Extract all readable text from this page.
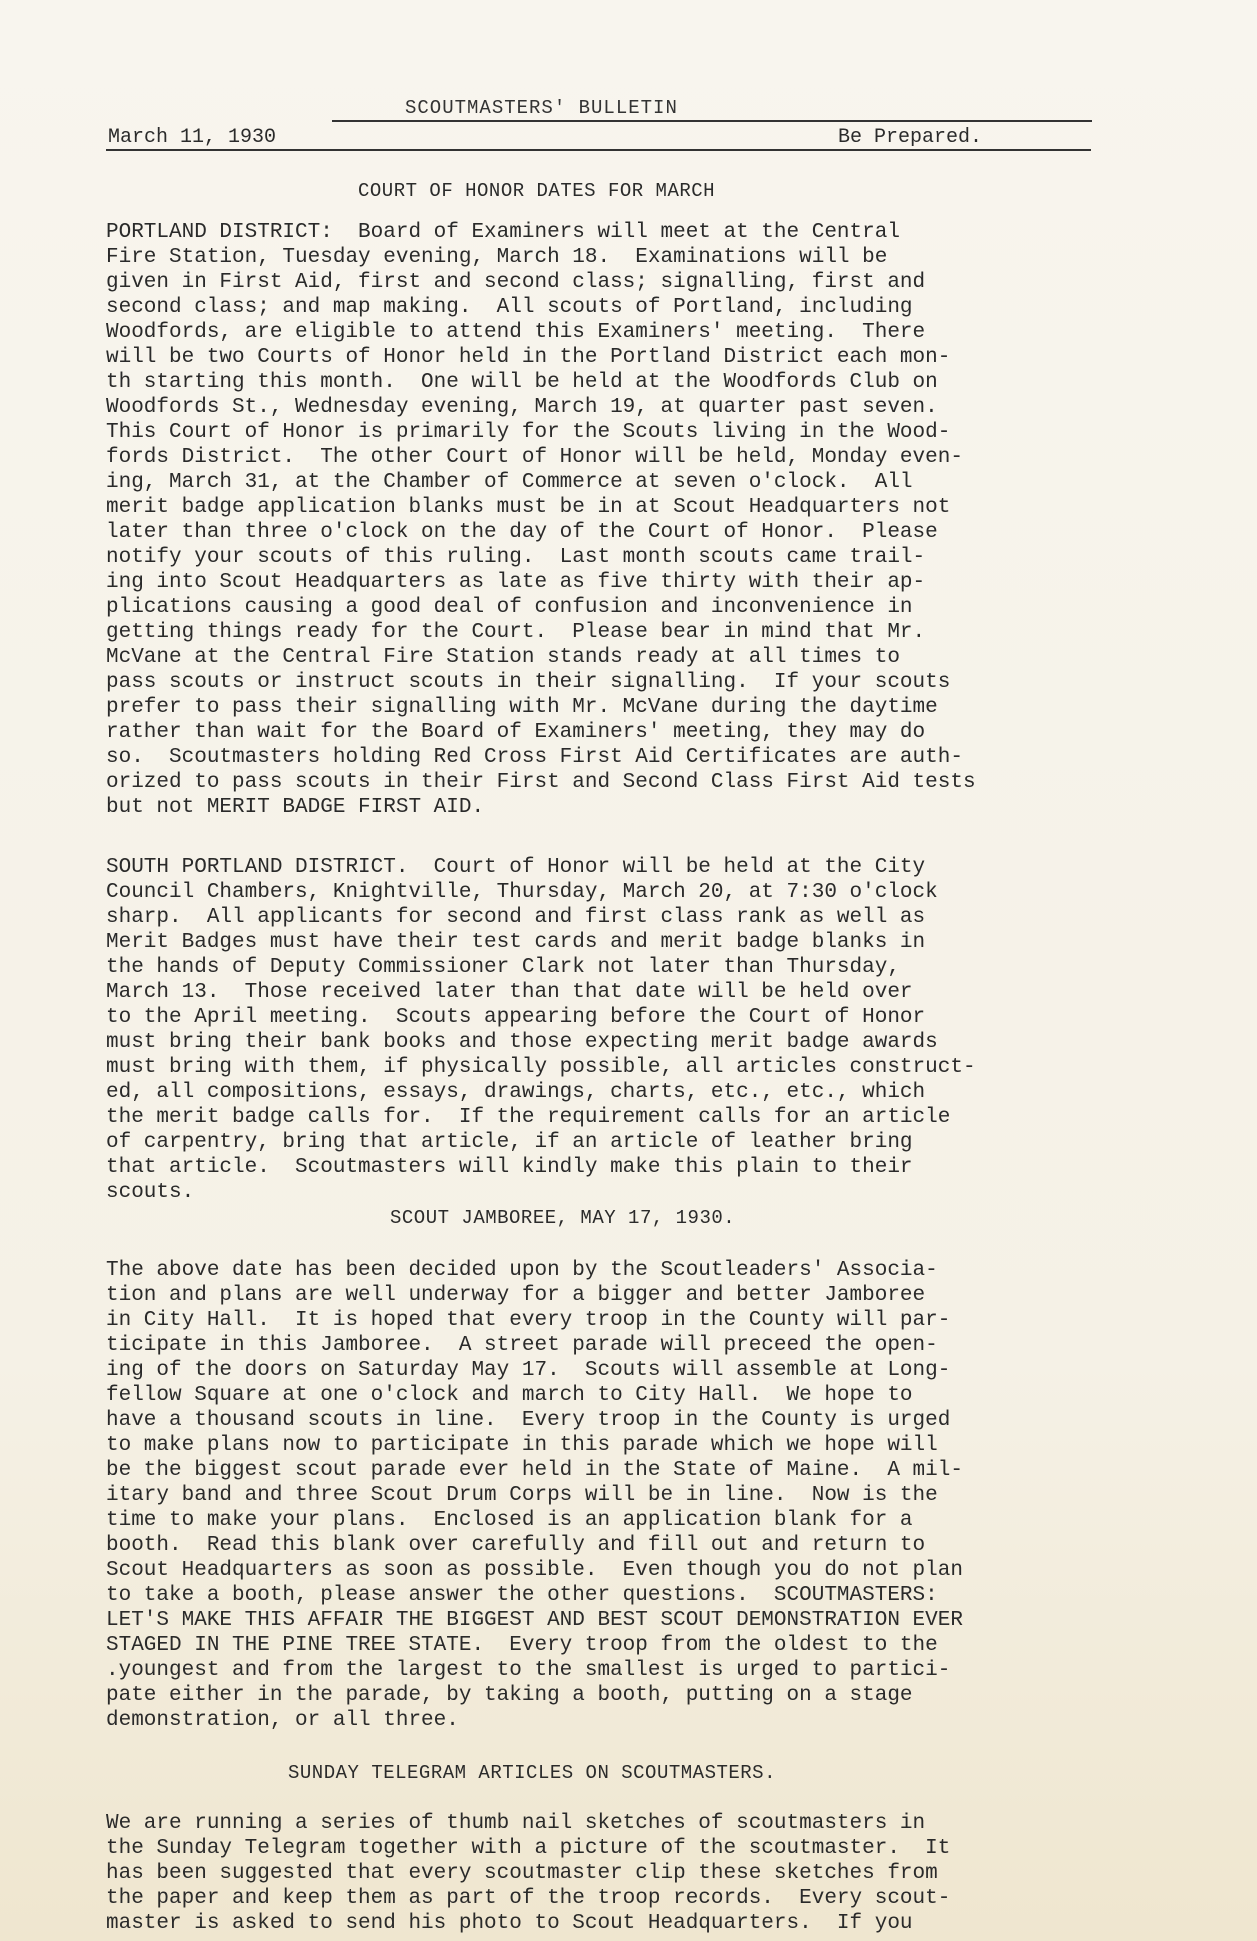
SCOUTMASTERS' BULLETIN
March 11, 1930	Be Prepared.
COURT OF HONOR DATES FOR MARCH
PORTLAND DISTRICT:  Board of Examiners will meet at the Central
Fire Station, Tuesday evening, March 18.  Examinations will be
given in First Aid, first and second class; signalling, first and
second class; and map making.  All scouts of Portland, including
Woodfords, are eligible to attend this Examiners' meeting.  There
will be two Courts of Honor held in the Portland District each mon-
th starting this month.  One will be held at the Woodfords Club on
Woodfords St., Wednesday evening, March 19, at quarter past seven.
This Court of Honor is primarily for the Scouts living in the Wood-
fords District.  The other Court of Honor will be held, Monday even-
ing, March 31, at the Chamber of Commerce at seven o'clock.  All
merit badge application blanks must be in at Scout Headquarters not
later than three o'clock on the day of the Court of Honor.  Please
notify your scouts of this ruling.  Last month scouts came trail-
ing into Scout Headquarters as late as five thirty with their ap-
plications causing a good deal of confusion and inconvenience in
getting things ready for the Court.  Please bear in mind that Mr.
McVane at the Central Fire Station stands ready at all times to
pass scouts or instruct scouts in their signalling.  If your scouts
prefer to pass their signalling with Mr. McVane during the daytime
rather than wait for the Board of Examiners' meeting, they may do
so.  Scoutmasters holding Red Cross First Aid Certificates are auth-
orized to pass scouts in their First and Second Class First Aid tests
but not MERIT BADGE FIRST AID.
SOUTH PORTLAND DISTRICT.  Court of Honor will be held at the City
Council Chambers, Knightville, Thursday, March 20, at 7:30 o'clock
sharp.  All applicants for second and first class rank as well as
Merit Badges must have their test cards and merit badge blanks in
the hands of Deputy Commissioner Clark not later than Thursday,
March 13.  Those received later than that date will be held over
to the April meeting.  Scouts appearing before the Court of Honor
must bring their bank books and those expecting merit badge awards
must bring with them, if physically possible, all articles construct-
ed, all compositions, essays, drawings, charts, etc., etc., which
the merit badge calls for.  If the requirement calls for an article
of carpentry, bring that article, if an article of leather bring
that article.  Scoutmasters will kindly make this plain to their
scouts.
SCOUT JAMBOREE, MAY 17, 1930.
The above date has been decided upon by the Scoutleaders' Associa-
tion and plans are well underway for a bigger and better Jamboree
in City Hall.  It is hoped that every troop in the County will par-
ticipate in this Jamboree.  A street parade will preceed the open-
ing of the doors on Saturday May 17.  Scouts will assemble at Long-
fellow Square at one o'clock and march to City Hall.  We hope to
have a thousand scouts in line.  Every troop in the County is urged
to make plans now to participate in this parade which we hope will
be the biggest scout parade ever held in the State of Maine.  A mil-
itary band and three Scout Drum Corps will be in line.  Now is the
time to make your plans.  Enclosed is an application blank for a
booth.  Read this blank over carefully and fill out and return to
Scout Headquarters as soon as possible.  Even though you do not plan
to take a booth, please answer the other questions.  SCOUTMASTERS:
LET'S MAKE THIS AFFAIR THE BIGGEST AND BEST SCOUT DEMONSTRATION EVER
STAGED IN THE PINE TREE STATE.  Every troop from the oldest to the
.youngest and from the largest to the smallest is urged to partici-
pate either in the parade, by taking a booth, putting on a stage
demonstration, or all three.
SUNDAY TELEGRAM ARTICLES ON SCOUTMASTERS.
We are running a series of thumb nail sketches of scoutmasters in
the Sunday Telegram together with a picture of the scoutmaster.  It
has been suggested that every scoutmaster clip these sketches from
the paper and keep them as part of the troop records.  Every scout-
master is asked to send his photo to Scout Headquarters.  If you
